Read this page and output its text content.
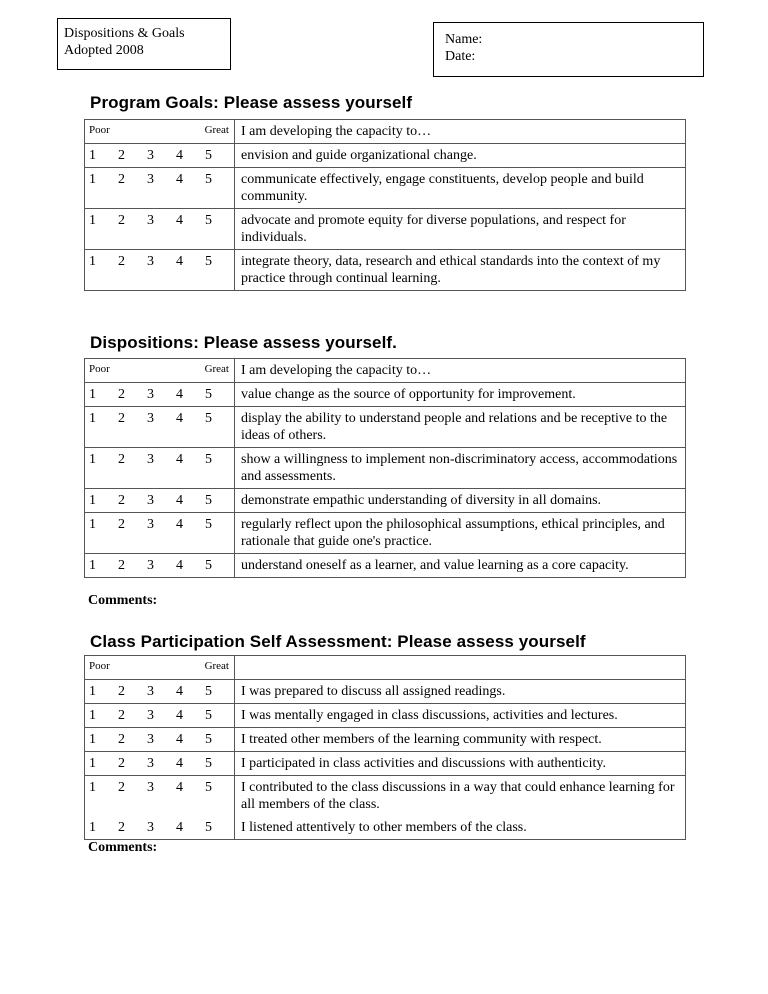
Dispositions & Goals
Adopted 2008
Name:
Date:
Program Goals: Please assess yourself
Poor Great	I am developing the capacity to…

1 2 3 4 5	envision and guide organizational change.

1 2 3 4 5	communicate effectively, engage constituents, develop people and build community.

1 2 3 4 5	advocate and promote equity for diverse populations, and respect for individuals.

1 2 3 4 5	integrate theory, data, research and ethical standards into the context of my practice through continual learning.
Dispositions: Please assess yourself.
Poor Great	I am developing the capacity to…

1 2 3 4 5	value change as the source of opportunity for improvement.

1 2 3 4 5	display the ability to understand people and relations and be receptive to the ideas of others.

1 2 3 4 5	show a willingness to implement non-discriminatory access, accommodations and assessments.

1 2 3 4 5	demonstrate empathic understanding of diversity in all domains.

1 2 3 4 5	regularly reflect upon the philosophical assumptions, ethical principles, and rationale that guide one's practice.

1 2 3 4 5	understand oneself as a learner, and value learning as a core capacity.
Comments:
Class Participation Self Assessment: Please assess yourself
Poor Great	

1 2 3 4 5	I was prepared to discuss all assigned readings.

1 2 3 4 5	I was mentally engaged in class discussions, activities and lectures.

1 2 3 4 5	I treated other members of the learning community with respect.

1 2 3 4 5	I participated in class activities and discussions with authenticity.

1 2 3 4 5	I contributed to the class discussions in a way that could enhance learning for all members of the class.

1 2 3 4 5	I listened attentively to other members of the class.
Comments:
